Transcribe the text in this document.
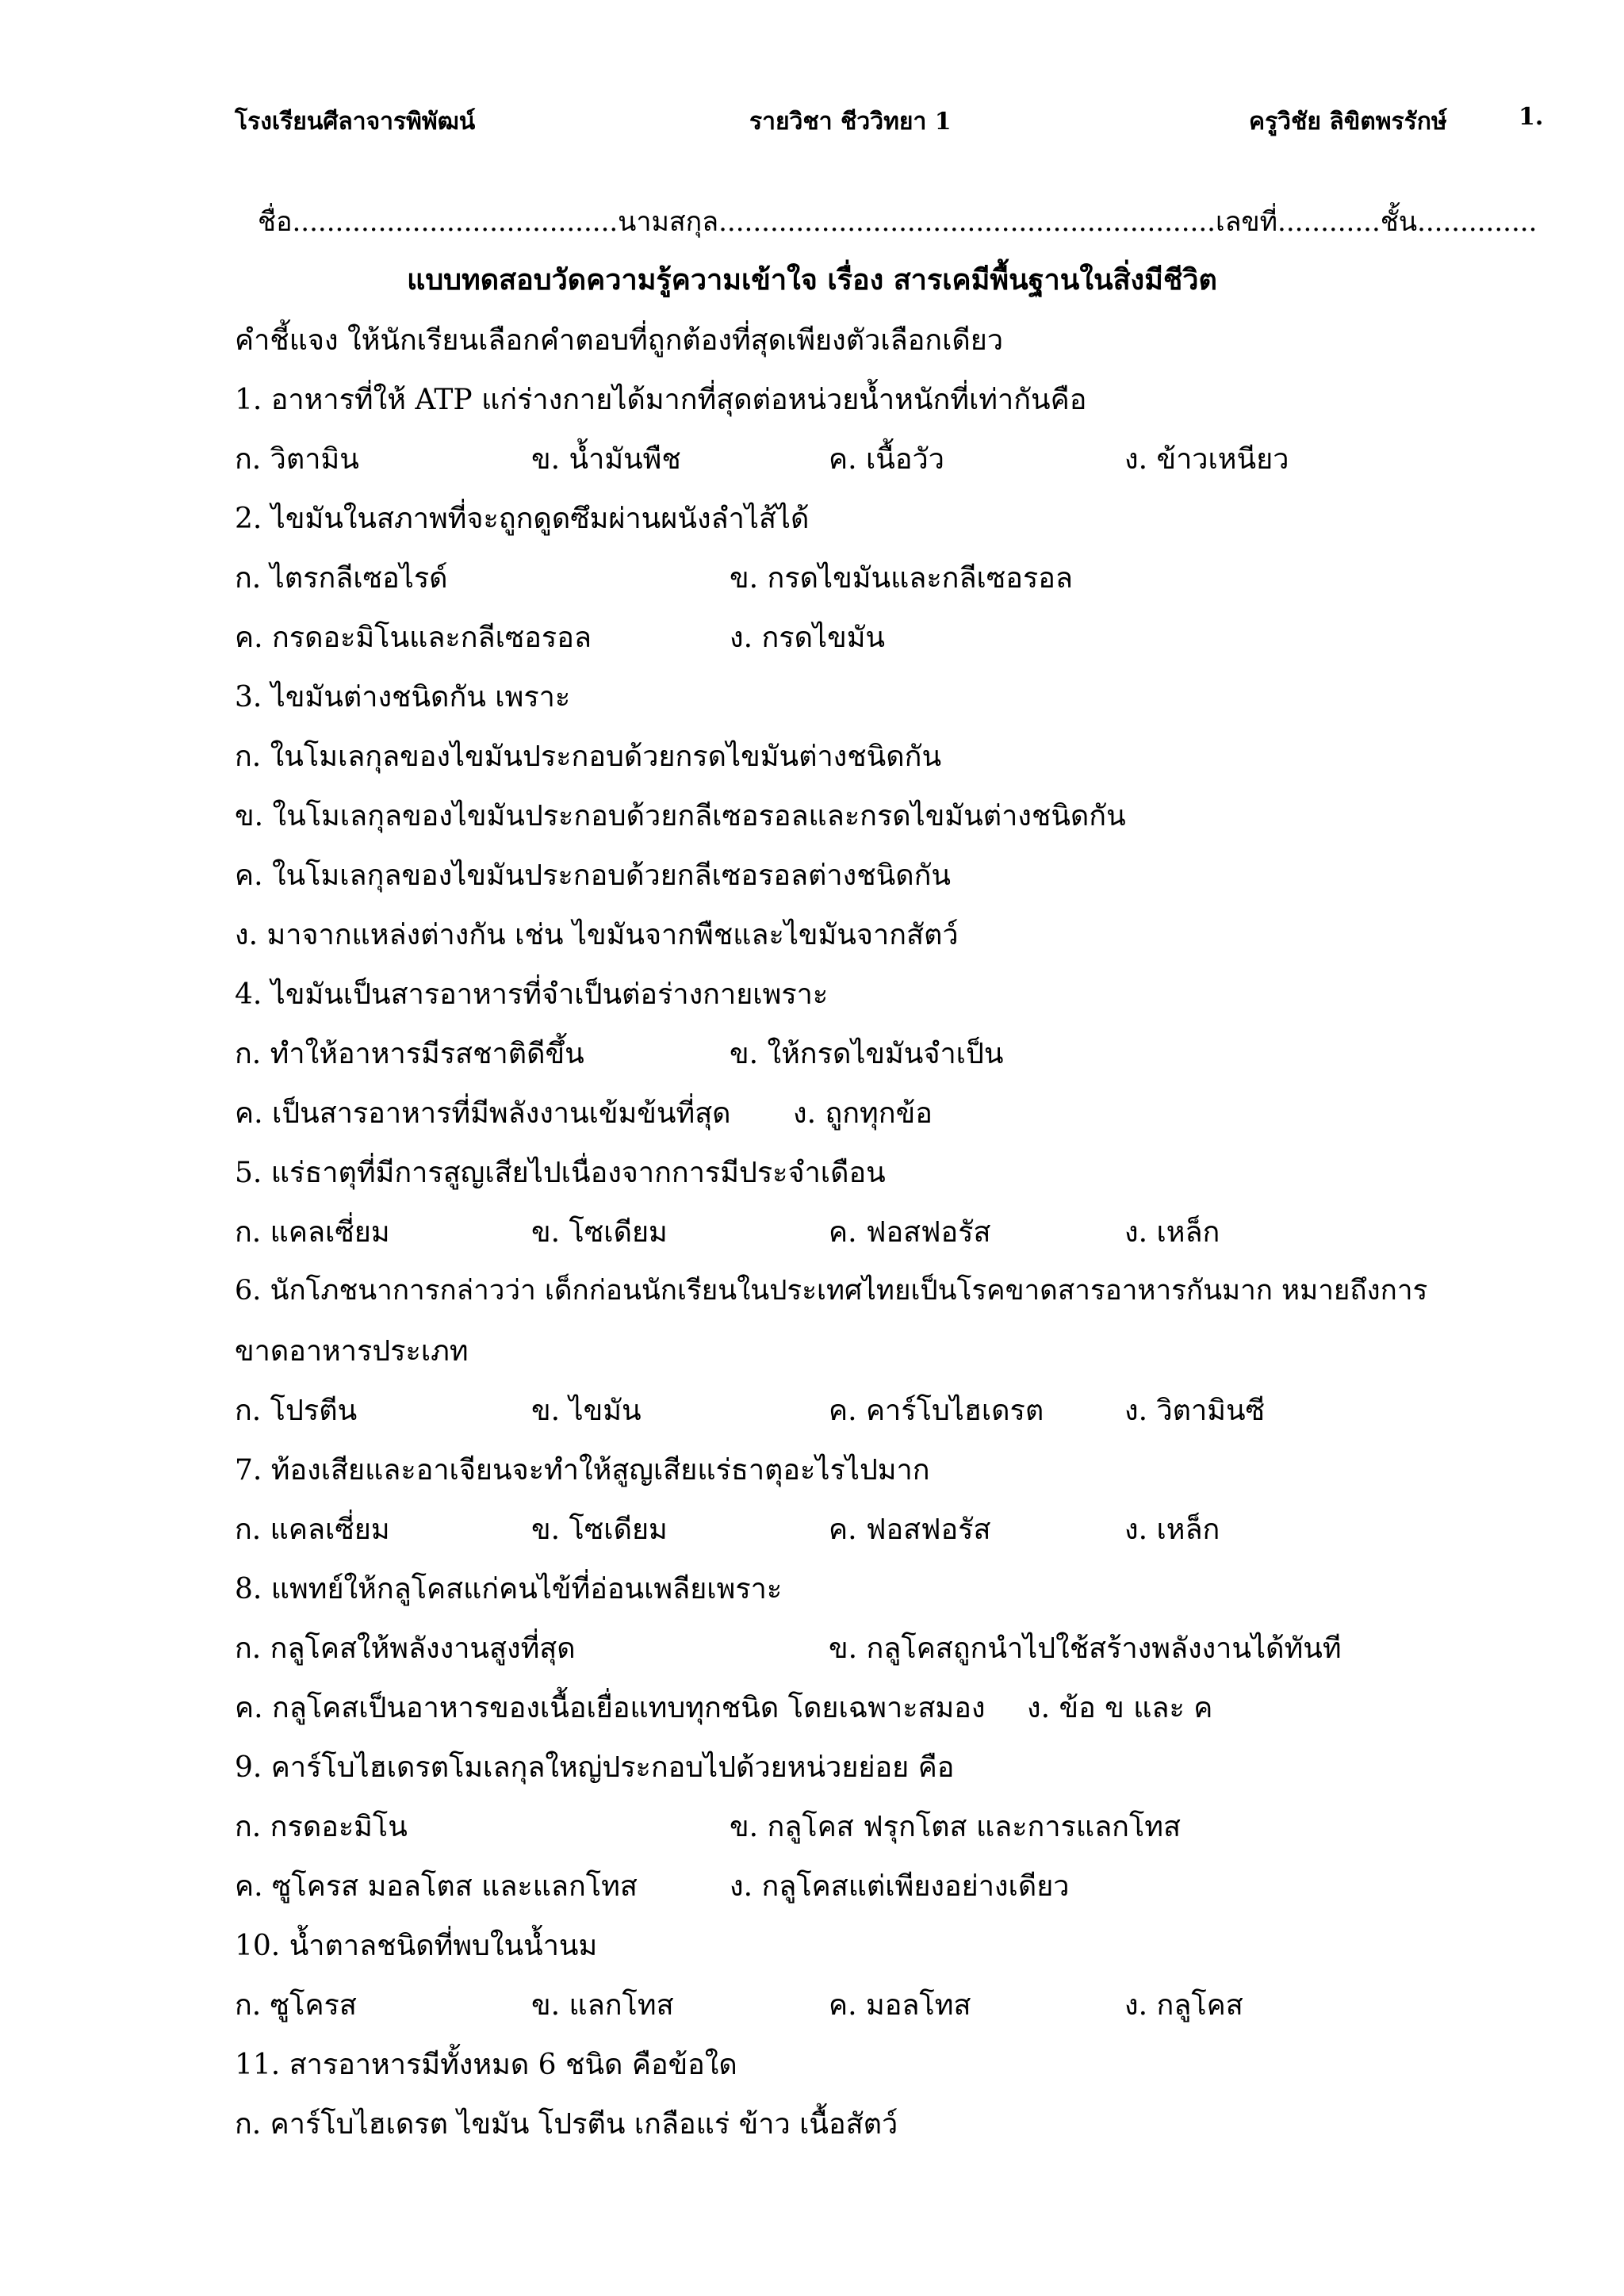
โรงเรียนศีลาจารพิพัฒน์	รายวิชา ชีววิทยา 1	ครูวิชัย ลิขิตพรรักษ์	1.
ชื่อ......................................นามสกุล..........................................................เลขที่............ชั้น..............
แบบทดสอบวัดความรู้ความเข้าใจ เรื่อง สารเคมีพื้นฐานในสิ่งมีชีวิต
คำชี้แจง ให้นักเรียนเลือกคำตอบที่ถูกต้องที่สุดเพียงตัวเลือกเดียว
1. อาหารที่ให้ ATP แก่ร่างกายได้มากที่สุดต่อหน่วยน้ำหนักที่เท่ากันคือ
ก. วิตามิน	ข. น้ำมันพืช	ค. เนื้อวัว	ง. ข้าวเหนียว
2. ไขมันในสภาพที่จะถูกดูดซึมผ่านผนังลำไส้ได้
ก. ไตรกลีเซอไรด์	ข. กรดไขมันและกลีเซอรอล
ค. กรดอะมิโนและกลีเซอรอล	ง. กรดไขมัน
3. ไขมันต่างชนิดกัน เพราะ
ก. ในโมเลกุลของไขมันประกอบด้วยกรดไขมันต่างชนิดกัน
ข. ในโมเลกุลของไขมันประกอบด้วยกลีเซอรอลและกรดไขมันต่างชนิดกัน
ค. ในโมเลกุลของไขมันประกอบด้วยกลีเซอรอลต่างชนิดกัน
ง. มาจากแหล่งต่างกัน เช่น ไขมันจากพืชและไขมันจากสัตว์
4. ไขมันเป็นสารอาหารที่จำเป็นต่อร่างกายเพราะ
ก. ทำให้อาหารมีรสชาติดีขึ้น	ข. ให้กรดไขมันจำเป็น
ค. เป็นสารอาหารที่มีพลังงานเข้มข้นที่สุด ง. ถูกทุกข้อ
5. แร่ธาตุที่มีการสูญเสียไปเนื่องจากการมีประจำเดือน
ก. แคลเซี่ยม	ข. โซเดียม	ค. ฟอสฟอรัส	ง. เหล็ก
6. นักโภชนาการกล่าวว่า เด็กก่อนนักเรียนในประเทศไทยเป็นโรคขาดสารอาหารกันมาก หมายถึงการ
ขาดอาหารประเภท
ก. โปรตีน	ข. ไขมัน	ค. คาร์โบไฮเดรต	ง. วิตามินซี
7. ท้องเสียและอาเจียนจะทำให้สูญเสียแร่ธาตุอะไรไปมาก
ก. แคลเซี่ยม	ข. โซเดียม	ค. ฟอสฟอรัส	ง. เหล็ก
8. แพทย์ให้กลูโคสแก่คนไข้ที่อ่อนเพลียเพราะ
ก. กลูโคสให้พลังงานสูงที่สุด	ข. กลูโคสถูกนำไปใช้สร้างพลังงานได้ทันที
ค. กลูโคสเป็นอาหารของเนื้อเยื่อแทบทุกชนิด โดยเฉพาะสมอง ง. ข้อ ข และ ค
9. คาร์โบไฮเดรตโมเลกุลใหญ่ประกอบไปด้วยหน่วยย่อย คือ
ก. กรดอะมิโน	ข. กลูโคส ฟรุกโตส และการแลกโทส
ค. ซูโครส มอลโตส และแลกโทส	ง. กลูโคสแต่เพียงอย่างเดียว
10. น้ำตาลชนิดที่พบในน้ำนม
ก. ซูโครส	ข. แลกโทส	ค. มอลโทส	ง. กลูโคส
11. สารอาหารมีทั้งหมด 6 ชนิด คือข้อใด
ก. คาร์โบไฮเดรต ไขมัน โปรตีน เกลือแร่ ข้าว เนื้อสัตว์
